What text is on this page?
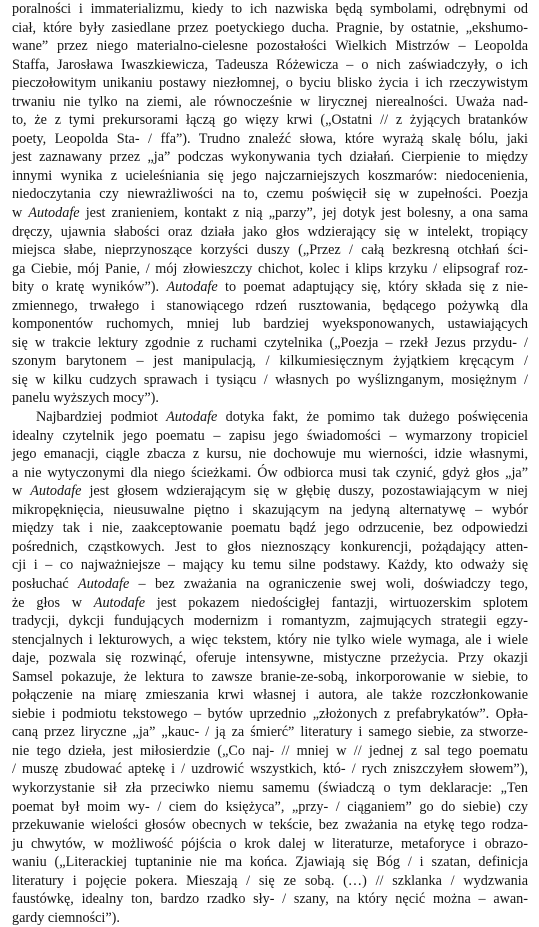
poralności i immaterializmu, kiedy to ich nazwiska będą symbolami, odrębnymi od
ciał, które były zasiedlane przez poetyckiego ducha. Pragnie, by ostatnie, „ekshumo-
wane” przez niego materialno-cielesne pozostałości Wielkich Mistrzów – Leopolda
Staffa, Jarosława Iwaszkiewicza, Tadeusza Różewicza – o nich zaświadczyły, o ich
pieczołowitym unikaniu postawy niezłomnej, o byciu blisko życia i ich rzeczywistym
trwaniu nie tylko na ziemi, ale równocześnie w lirycznej nierealności. Uważa nad-
to, że z tymi prekursorami łączą go więzy krwi („Ostatni // z żyjących bratanków
poety, Leopolda Sta- / ffa”). Trudno znaleźć słowa, które wyrażą skalę bólu, jaki
jest zaznawany przez „ja” podczas wykonywania tych działań. Cierpienie to między
innymi wynika z ucieleśniania się jego najczarniejszych koszmarów: niedocenienia,
niedoczytania czy niewrażliwości na to, czemu poświęcił się w zupełności. Poezja
w Autodafe jest zranieniem, kontakt z nią „parzy”, jej dotyk jest bolesny, a ona sama
dręczy, ujawnia słabości oraz działa jako głos wdzierający się w intelekt, tropiący
miejsca słabe, nieprzynoszące korzyści duszy („Przez / całą bezkresną otchłań ści-
ga Ciebie, mój Panie, / mój złowieszczy chichot, kolec i klips krzyku / elipsograf roz-
bity o kratę wyników”). Autodafe to poemat adaptujący się, który składa się z nie-
zmiennego, trwałego i stanowiącego rdzeń rusztowania, będącego pożywką dla
komponentów ruchomych, mniej lub bardziej wyeksponowanych, ustawiających
się w trakcie lektury zgodnie z ruchami czytelnika („Poezja – rzekł Jezus przydu- /
szonym barytonem – jest manipulacją, / kilkumiesięcznym żyjątkiem kręcącym /
się w kilku cudzych sprawach i tysiącu / własnych po wyśliznganym, mosiężnym /
panelu wyższych mocy”).
Najbardziej podmiot Autodafe dotyka fakt, że pomimo tak dużego poświęcenia
idealny czytelnik jego poematu – zapisu jego świadomości – wymarzony tropiciel
jego emanacji, ciągle zbacza z kursu, nie dochowuje mu wierności, idzie własnymi,
a nie wytyczonymi dla niego ścieżkami. Ów odbiorca musi tak czynić, gdyż głos „ja”
w Autodafe jest głosem wdzierającym się w głębię duszy, pozostawiającym w niej
mikropęknięcia, nieusuwalne piętno i skazującym na jedyną alternatywę – wybór
między tak i nie, zaakceptowanie poematu bądź jego odrzucenie, bez odpowiedzi
pośrednich, cząstkowych. Jest to głos nieznoszący konkurencji, pożądający atten-
cji i – co najważniejsze – mający ku temu silne podstawy. Każdy, kto odważy się
posłuchać Autodafe – bez zważania na ograniczenie swej woli, doświadczy tego,
że głos w Autodafe jest pokazem niedościgłej fantazji, wirtuozerskim splotem
tradycji, dykcji fundujących modernizm i romantyzm, zajmujących strategii egzy-
stencjalnych i lekturowych, a więc tekstem, który nie tylko wiele wymaga, ale i wiele
daje, pozwala się rozwinąć, oferuje intensywne, mistyczne przeżycia. Przy okazji
Samsel pokazuje, że lektura to zawsze branie-ze-sobą, inkorporowanie w siebie, to
połączenie na miarę zmieszania krwi własnej i autora, ale także rozczłonkowanie
siebie i podmiotu tekstowego – bytów uprzednio „złożonych z prefabrykatów”. Opła-
caną przez liryczne „ja” „kauc- / ją za śmierć” literatury i samego siebie, za stworze-
nie tego dzieła, jest miłosierdzie („Co naj- // mniej w // jednej z sal tego poematu
/ muszę zbudować aptekę i / uzdrowić wszystkich, któ- / rych zniszczyłem słowem”),
wykorzystanie sił zła przeciwko niemu samemu (świadczą o tym deklaracje: „Ten
poemat był moim wy- / ciem do księżyca”, „przy- / ciąganiem” go do siebie) czy
przekuwanie wielości głosów obecnych w tekście, bez zważania na etykę tego rodza-
ju chwytów, w możliwość pójścia o krok dalej w literaturze, metaforyce i obrazo-
waniu („Literackiej tuptaninie nie ma końca. Zjawiają się Bóg / i szatan, definicja
literatury i pojęcie pokera. Mieszają / się ze sobą. (…) // szklanka / wydzwania
faustówkę, idealny ton, bardzo rzadko sły- / szany, na który nęcić można – awan-
gardy ciemności”).
